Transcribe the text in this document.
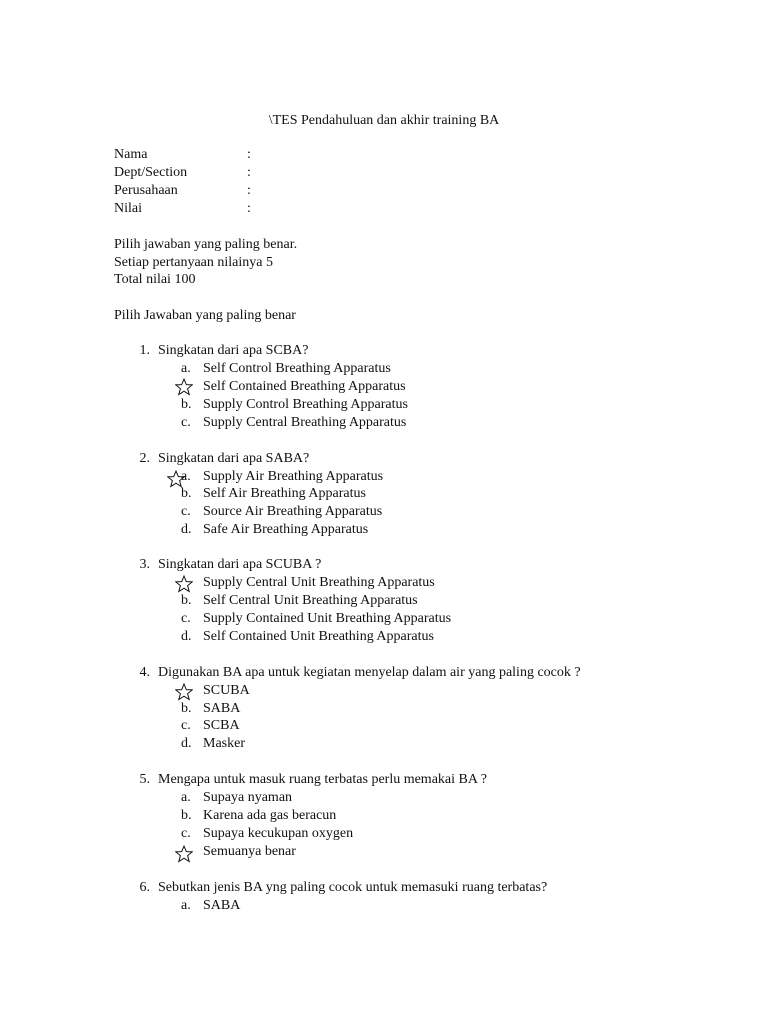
\TES Pendahuluan dan akhir training BA
Nama	:
Dept/Section	:
Perusahaan	:
Nilai	:
Pilih jawaban yang paling benar.
Setiap pertanyaan nilainya 5
Total nilai 100
Pilih Jawaban yang paling benar
1. Singkatan dari apa SCBA?
a. Self Control Breathing Apparatus
Self Contained Breathing Apparatus
b. Supply Control Breathing Apparatus
c. Supply Central Breathing Apparatus
2. Singkatan dari apa SABA?
a. Supply Air Breathing Apparatus
b. Self Air Breathing Apparatus
c. Source Air Breathing Apparatus
d. Safe Air Breathing Apparatus
3. Singkatan dari apa SCUBA ?
Supply Central Unit Breathing Apparatus
b. Self Central Unit Breathing Apparatus
c. Supply Contained Unit Breathing Apparatus
d. Self Contained Unit Breathing Apparatus
4. Digunakan BA apa untuk kegiatan menyelap dalam air yang paling cocok ?
SCUBA
b. SABA
c. SCBA
d. Masker
5. Mengapa untuk masuk ruang terbatas perlu memakai BA ?
a. Supaya nyaman
b. Karena ada gas beracun
c. Supaya kecukupan oxygen
Semuanya benar
6. Sebutkan jenis BA yng paling cocok untuk memasuki ruang terbatas?
a. SABA
